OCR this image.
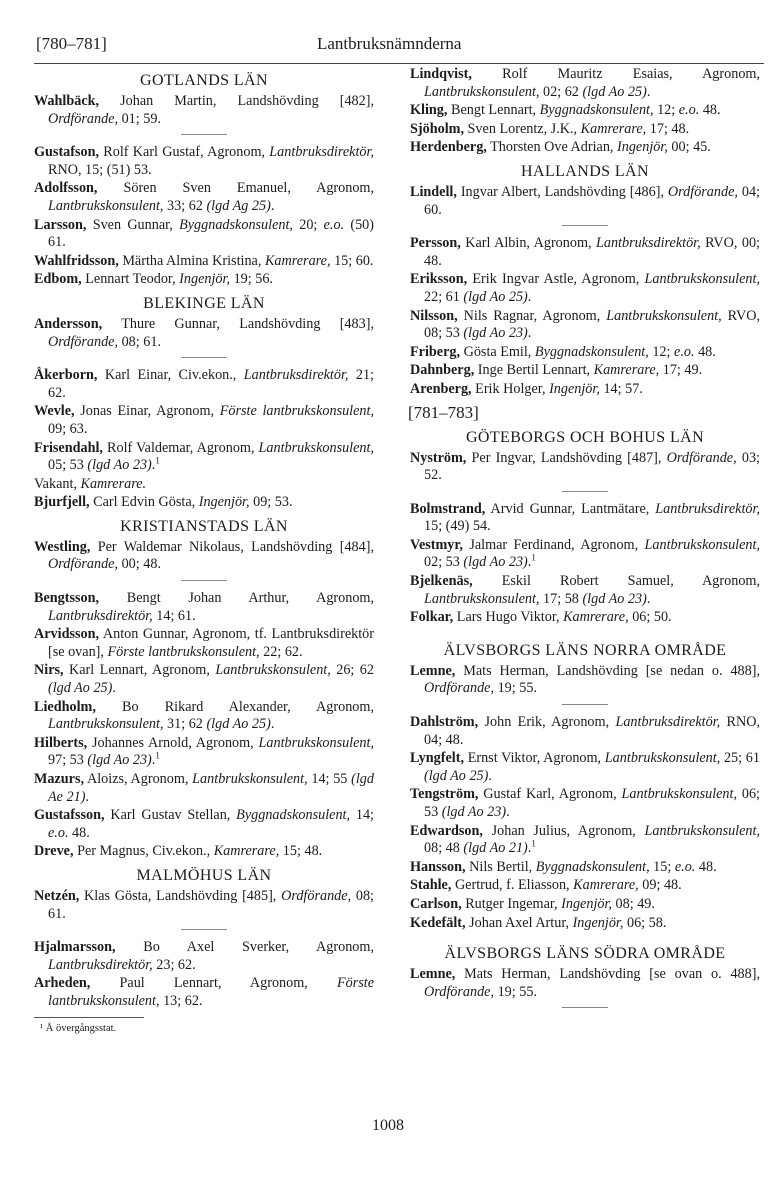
[780–781]	Lantbruksnämnderna
GOTLANDS LÄN
Wahlbäck, Johan Martin, Landshövding [482], Ordförande, 01; 59.
Gustafson, Rolf Karl Gustaf, Agronom, Lantbruksdirektör, RNO, 15; (51) 53.
Adolfsson, Sören Sven Emanuel, Agronom, Lantbrukskonsulent, 33; 62 (lgd Ag 25).
Larsson, Sven Gunnar, Byggnadskonsulent, 20; e.o. (50) 61.
Wahlfridsson, Märtha Almina Kristina, Kamrerare, 15; 60.
Edbom, Lennart Teodor, Ingenjör, 19; 56.
BLEKINGE LÄN
Andersson, Thure Gunnar, Landshövding [483], Ordförande, 08; 61.
Åkerborn, Karl Einar, Civ.ekon., Lantbruksdirektör, 21; 62.
Wevle, Jonas Einar, Agronom, Förste lantbrukskonsulent, 09; 63.
Frisendahl, Rolf Valdemar, Agronom, Lantbrukskonsulent, 05; 53 (lgd Ao 23).$^1$
Vakant, Kamrerare.
Bjurfjell, Carl Edvin Gösta, Ingenjör, 09; 53.
KRISTIANSTADS LÄN
Westling, Per Waldemar Nikolaus, Landshövding [484], Ordförande, 00; 48.
Bengtsson, Bengt Johan Arthur, Agronom, Lantbruksdirektör, 14; 61.
Arvidsson, Anton Gunnar, Agronom, tf. Lantbruksdirektör [se ovan], Förste lantbrukskonsulent, 22; 62.
Nirs, Karl Lennart, Agronom, Lantbrukskonsulent, 26; 62 (lgd Ao 25).
Liedholm, Bo Rikard Alexander, Agronom, Lantbrukskonsulent, 31; 62 (lgd Ao 25).
Hilberts, Johannes Arnold, Agronom, Lantbrukskonsulent, 97; 53 (lgd Ao 23).$^1$
Mazurs, Aloizs, Agronom, Lantbrukskonsulent, 14; 55 (lgd Ae 21).
Gustafsson, Karl Gustav Stellan, Byggnadskonsulent, 14; e.o. 48.
Dreve, Per Magnus, Civ.ekon., Kamrerare, 15; 48.
MALMÖHUS LÄN
Netzén, Klas Gösta, Landshövding [485], Ordförande, 08; 61.
Hjalmarsson, Bo Axel Sverker, Agronom, Lantbruksdirektör, 23; 62.
Arheden, Paul Lennart, Agronom, Förste lantbrukskonsulent, 13; 62.
¹ Å övergångsstat.
Lindqvist, Rolf Mauritz Esaias, Agronom, Lantbrukskonsulent, 02; 62 (lgd Ao 25).
Kling, Bengt Lennart, Byggnadskonsulent, 12; e.o. 48.
Sjöholm, Sven Lorentz, J.K., Kamrerare, 17; 48.
Herdenberg, Thorsten Ove Adrian, Ingenjör, 00; 45.
HALLANDS LÄN
Lindell, Ingvar Albert, Landshövding [486], Ordförande, 04; 60.
Persson, Karl Albin, Agronom, Lantbruksdirektör, RVO, 00; 48.
Eriksson, Erik Ingvar Astle, Agronom, Lantbrukskonsulent, 22; 61 (lgd Ao 25).
Nilsson, Nils Ragnar, Agronom, Lantbrukskonsulent, RVO, 08; 53 (lgd Ao 23).
Friberg, Gösta Emil, Byggnadskonsulent, 12; e.o. 48.
Dahnberg, Inge Bertil Lennart, Kamrerare, 17; 49.
Arenberg, Erik Holger, Ingenjör, 14; 57.
[781–783]
GÖTEBORGS OCH BOHUS LÄN
Nyström, Per Ingvar, Landshövding [487], Ordförande, 03; 52.
Bolmstrand, Arvid Gunnar, Lantmätare, Lantbruksdirektör, 15; (49) 54.
Vestmyr, Jalmar Ferdinand, Agronom, Lantbrukskonsulent, 02; 53 (lgd Ao 23).$^1$
Bjelkenäs, Eskil Robert Samuel, Agronom, Lantbrukskonsulent, 17; 58 (lgd Ao 23).
Folkar, Lars Hugo Viktor, Kamrerare, 06; 50.
ÄLVSBORGS LÄNS NORRA OMRÅDE
Lemne, Mats Herman, Landshövding [se nedan o. 488], Ordförande, 19; 55.
Dahlström, John Erik, Agronom, Lantbruksdirektör, RNO, 04; 48.
Lyngfelt, Ernst Viktor, Agronom, Lantbrukskonsulent, 25; 61 (lgd Ao 25).
Tengström, Gustaf Karl, Agronom, Lantbrukskonsulent, 06; 53 (lgd Ao 23).
Edwardson, Johan Julius, Agronom, Lantbrukskonsulent, 08; 48 (lgd Ao 21).$^1$
Hansson, Nils Bertil, Byggnadskonsulent, 15; e.o. 48.
Stahle, Gertrud, f. Eliasson, Kamrerare, 09; 48.
Carlson, Rutger Ingemar, Ingenjör, 08; 49.
Kedefält, Johan Axel Artur, Ingenjör, 06; 58.
ÄLVSBORGS LÄNS SÖDRA OMRÅDE
Lemne, Mats Herman, Landshövding [se ovan o. 488], Ordförande, 19; 55.
1008
